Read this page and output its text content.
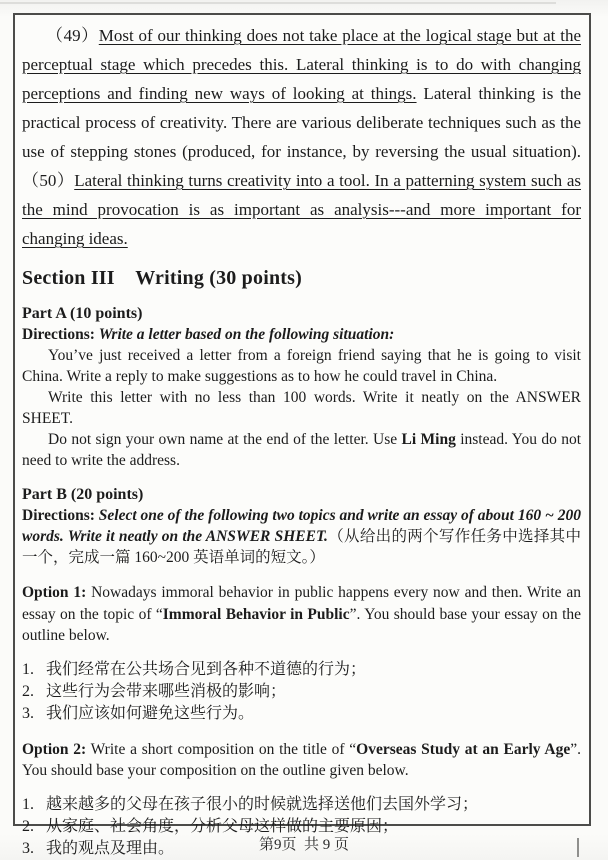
（49）Most of our thinking does not take place at the logical stage but at the perceptual stage which precedes this. Lateral thinking is to do with changing perceptions and finding new ways of looking at things. Lateral thinking is the practical process of creativity. There are various deliberate techniques such as the use of stepping stones (produced, for instance, by reversing the usual situation). （50）Lateral thinking turns creativity into a tool. In a patterning system such as the mind provocation is as important as analysis---and more important for changing ideas.

Section III    Writing (30 points)
Part A (10 points)
Directions: Write a letter based on the following situation:

You’ve just received a letter from a foreign friend saying that he is going to visit China. Write a reply to make suggestions as to how he could travel in China.

Write this letter with no less than 100 words. Write it neatly on the ANSWER SHEET.

Do not sign your own name at the end of the letter. Use Li Ming instead. You do not need to write the address.

Part B (20 points)
Directions: Select one of the following two topics and write an essay of about 160 ~ 200 words. Write it neatly on the ANSWER SHEET.（从给出的两个写作任务中选择其中一个，完成一篇 160~200 英语单词的短文。）
Option 1: Nowadays immoral behavior in public happens every now and then. Write an essay on the topic of “Immoral Behavior in Public”. You should base your essay on the outline below.
1. 我们经常在公共场合见到各种不道德的行为；
2. 这些行为会带来哪些消极的影响；
3. 我们应该如何避免这些行为。
Option 2: Write a short composition on the title of “Overseas Study at an Early Age”. You should base your composition on the outline given below.
1. 越来越多的父母在孩子很小的时候就选择送他们去国外学习；
2. 从家庭、社会角度，分析父母这样做的主要原因；
3. 我的观点及理由。	第9页  共 9 页
